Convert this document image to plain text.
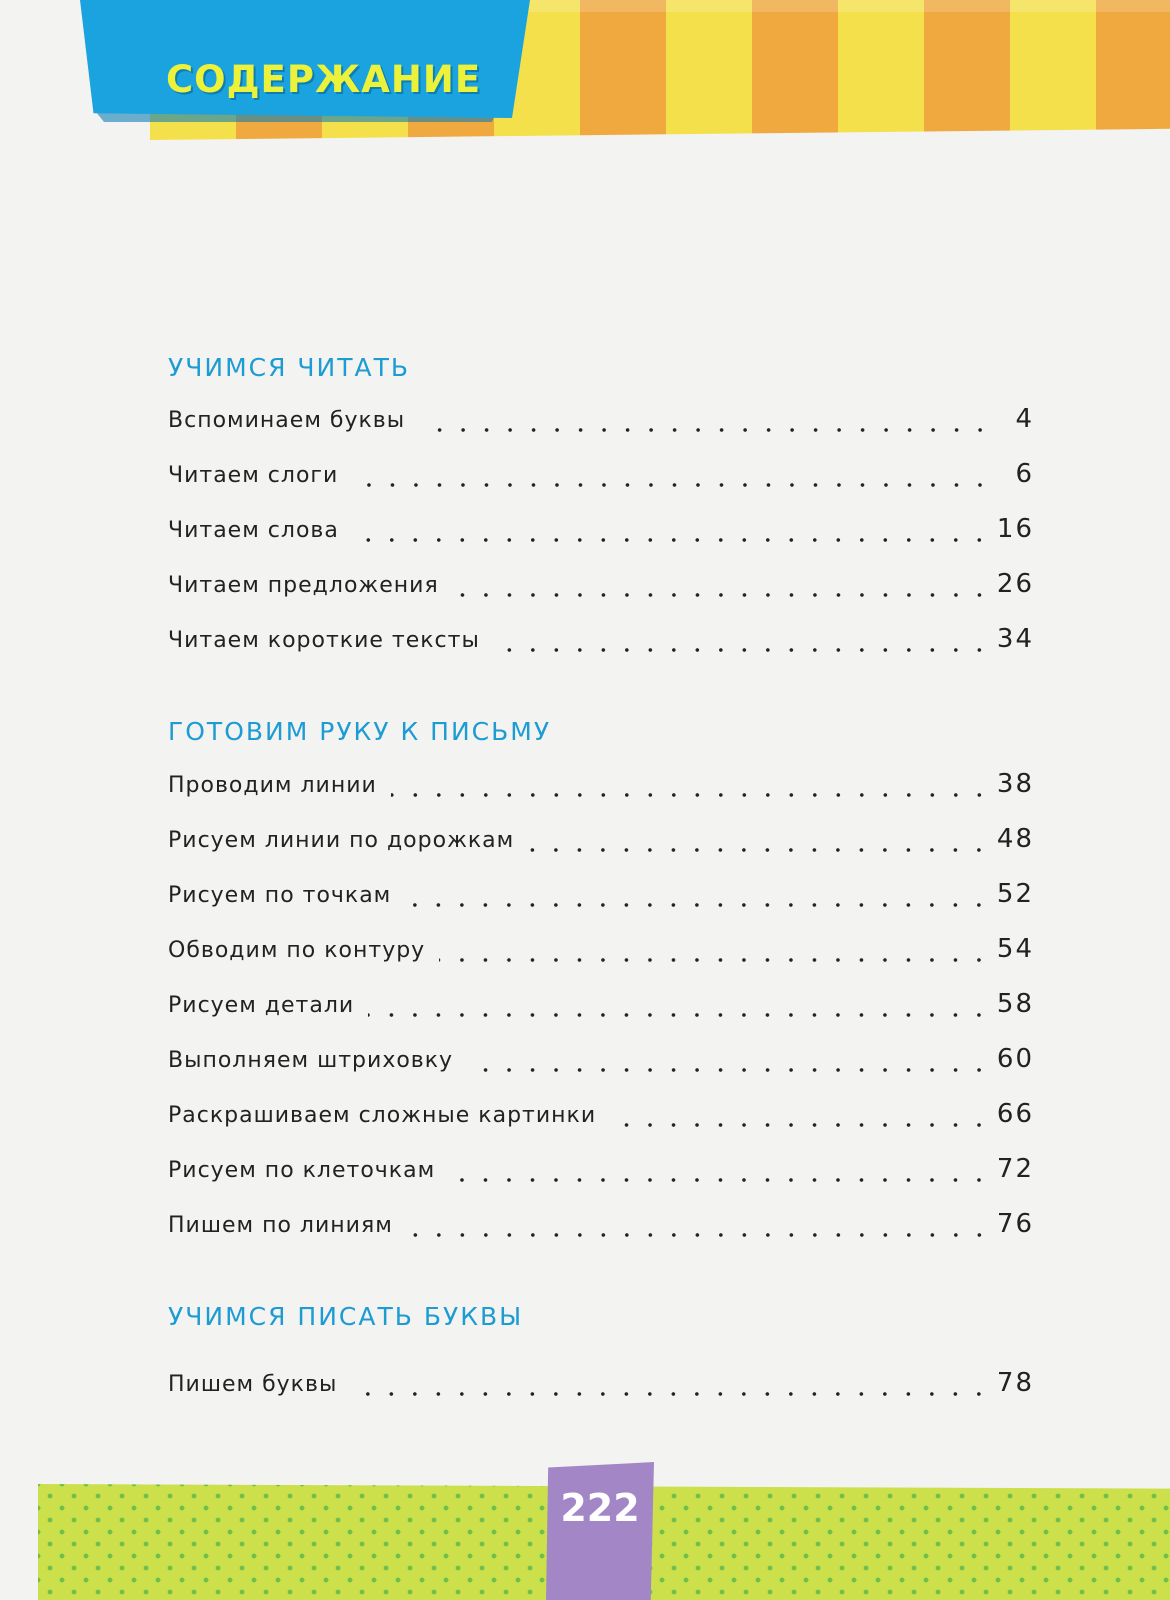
СОДЕРЖАНИЕ
УЧИМСЯ ЧИТАТЬ
Вспоминаем буквы	4
Читаем слоги	6
Читаем слова	16
Читаем предложения	26
Читаем короткие тексты	34
ГОТОВИМ РУКУ К ПИСЬМУ
Проводим линии	38
Рисуем линии по дорожкам	48
Рисуем по точкам	52
Обводим по контуру	54
Рисуем детали	58
Выполняем штриховку	60
Раскрашиваем сложные картинки	66
Рисуем по клеточкам	72
Пишем по линиям	76
УЧИМСЯ ПИСАТЬ БУКВЫ
Пишем буквы	78
222
